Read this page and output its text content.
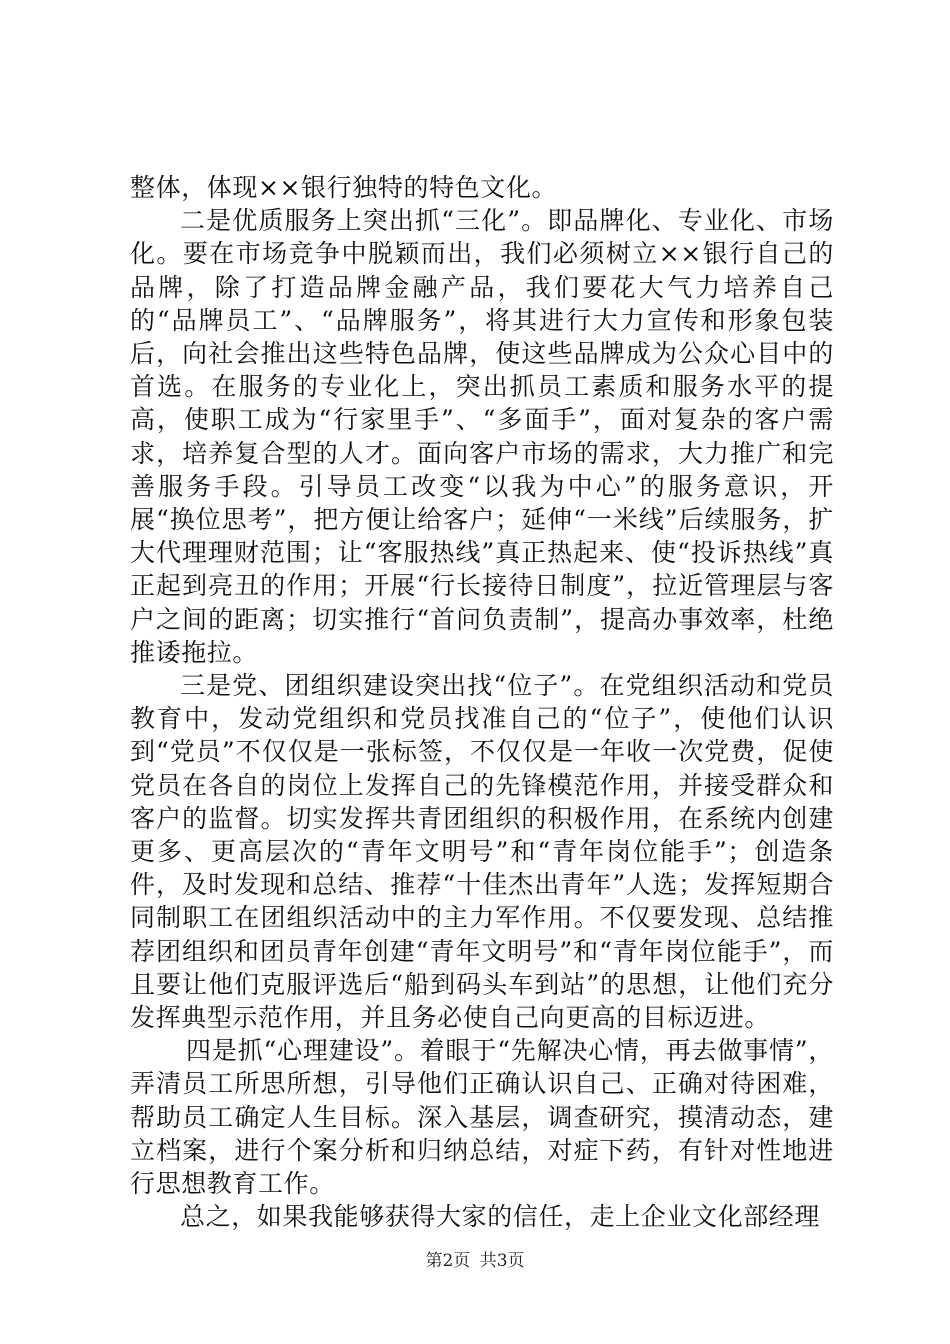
整体，体现××银行独特的特色文化。

二是优质服务上突出抓“三化”。即品牌化、专业化、市场化。要在市场竞争中脱颖而出，我们必须树立××银行自己的品牌，除了打造品牌金融产品，我们要花大气力培养自己的“品牌员工”、“品牌服务”，将其进行大力宣传和形象包装后，向社会推出这些特色品牌，使这些品牌成为公众心目中的首选。在服务的专业化上，突出抓员工素质和服务水平的提高，使职工成为“行家里手”、“多面手”，面对复杂的客户需求，培养复合型的人才。面向客户市场的需求，大力推广和完善服务手段。引导员工改变“以我为中心”的服务意识，开展“换位思考”，把方便让给客户；延伸“一米线”后续服务，扩大代理理财范围；让“客服热线”真正热起来、使“投诉热线”真正起到亮丑的作用；开展“行长接待日制度”，拉近管理层与客户之间的距离；切实推行“首问负责制”，提高办事效率，杜绝推诿拖拉。

三是党、团组织建设突出找“位子”。在党组织活动和党员教育中，发动党组织和党员找准自己的“位子”，使他们认识到“党员”不仅仅是一张标签，不仅仅是一年收一次党费，促使党员在各自的岗位上发挥自己的先锋模范作用，并接受群众和客户的监督。切实发挥共青团组织的积极作用，在系统内创建更多、更高层次的“青年文明号”和“青年岗位能手”；创造条件，及时发现和总结、推荐“十佳杰出青年”人选；发挥短期合同制职工在团组织活动中的主力军作用。不仅要发现、总结推荐团组织和团员青年创建“青年文明号”和“青年岗位能手”，而且要让他们克服评选后“船到码头车到站”的思想，让他们充分发挥典型示范作用，并且务必使自己向更高的目标迈进。

四是抓“心理建设”。着眼于“先解决心情，再去做事情”，弄清员工所思所想，引导他们正确认识自己、正确对待困难，帮助员工确定人生目标。深入基层，调查研究，摸清动态，建立档案，进行个案分析和归纳总结，对症下药，有针对性地进行思想教育工作。

总之，如果我能够获得大家的信任，走上企业文化部经理

第2页 共3页
